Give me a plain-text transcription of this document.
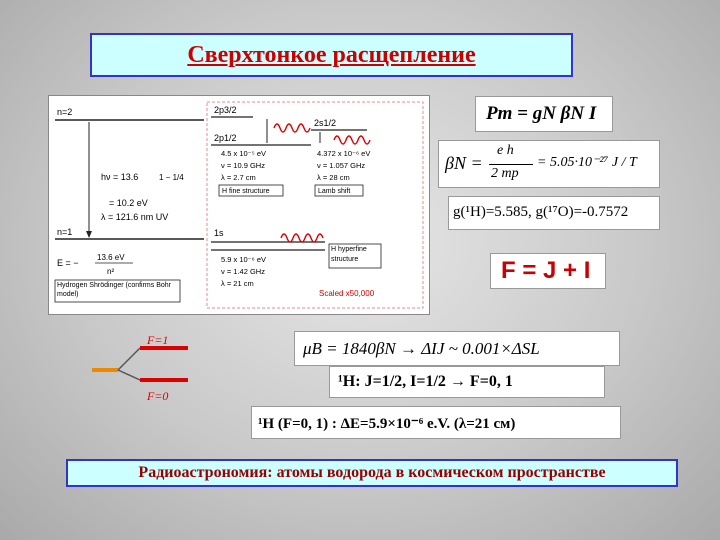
Сверхтонкое расщепление
n=2
n=1
hν = 13.6	1 − 1/4
= 10.2 eV
λ = 121.6 nm UV
E = −
13.6 eV
n²
Hydrogen Shrödinger (confirms Bohr model)
2p3/2
2p1/2
4.5 x 10⁻⁵ eV
ν = 10.9 GHz
λ = 2.7 cm
H fine structure
2s1/2
4.372 x 10⁻⁶ eV
ν = 1.057 GHz
λ = 28 cm
Lamb shift
1s
5.9 x 10⁻⁶ eV
ν = 1.42 GHz
λ = 21 cm
H hyperfine structure
Scaled x50,000
Pm = gN βN I
βN =
e h
2 mp
= 5.05·10⁻²⁷ J / T
g(¹H)=5.585, g(¹⁷O)=-0.7572
F = J + I
F=1
F=0
μB = 1840βN → ΔIJ ~ 0.001×ΔSL
¹H: J=1/2, I=1/2 → F=0, 1
¹H (F=0, 1) : ΔE=5.9×10⁻⁶ e.V. (λ=21 см)
Радиоастрономия: атомы водорода в космическом пространстве
